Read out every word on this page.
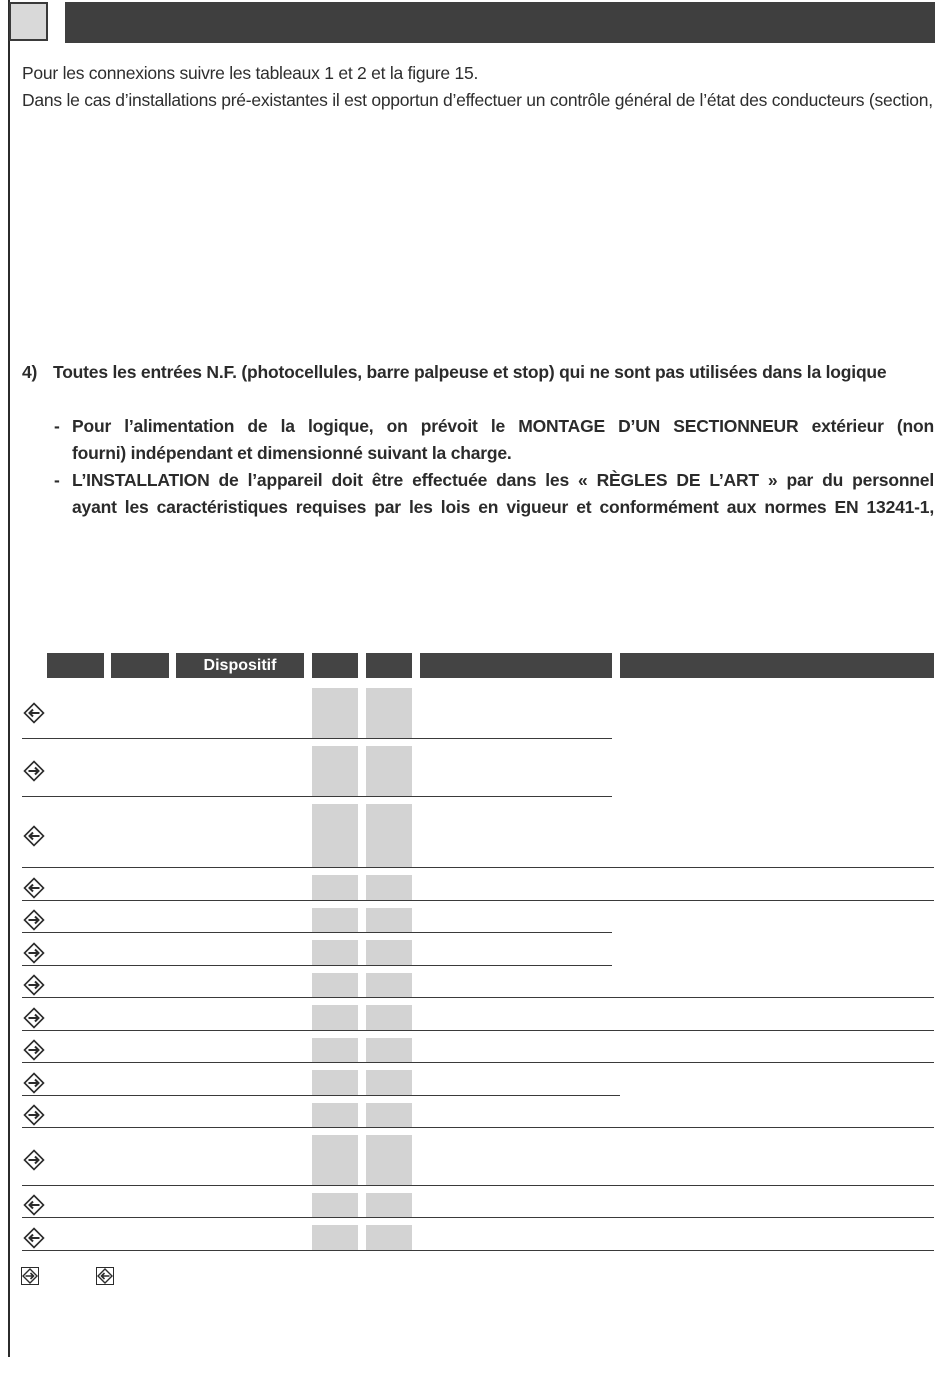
Pour les connexions suivre les tableaux 1 et 2 et la figure 15.
Dans le cas d’installations pré-existantes il est opportun d’effectuer un contrôle général de l’état des conducteurs (section,
4) Toutes les entrées N.F. (photocellules, barre palpeuse et stop) qui ne sont pas utilisées dans la logique
- Pour l’alimentation de la logique, on prévoit le MONTAGE D’UN SECTIONNEUR extérieur (non
fourni) indépendant et dimensionné suivant la charge.
- L’INSTALLATION de l’appareil doit être effectuée dans les « RÈGLES DE L’ART » par du personnel
ayant les caractéristiques requises par les lois en vigueur et conformément aux normes EN 13241-1,
Dispositif
